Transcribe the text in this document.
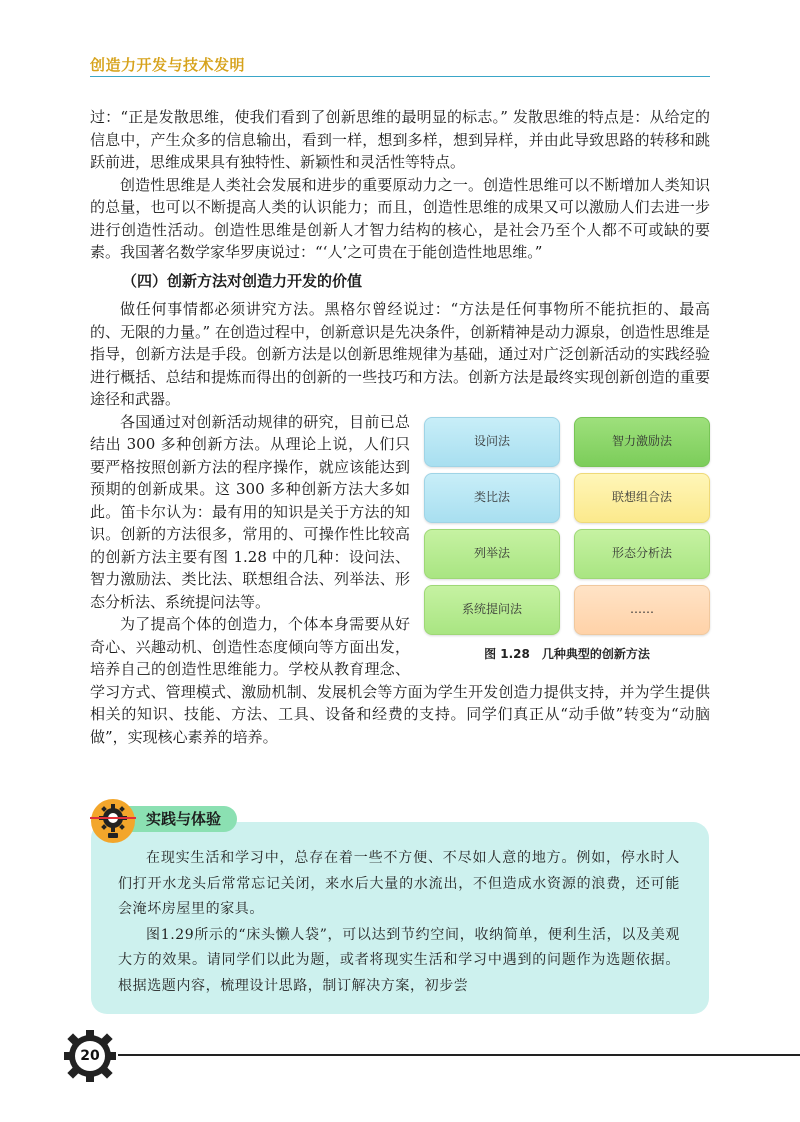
创造力开发与技术发明

过：“正是发散思维，使我们看到了创新思维的最明显的标志。” 发散思维的特点是：从给定的信息中，产生众多的信息输出，看到一样，想到多样，想到异样，并由此导致思路的转移和跳跃前进，思维成果具有独特性、新颖性和灵活性等特点。

创造性思维是人类社会发展和进步的重要原动力之一。创造性思维可以不断增加人类知识的总量，也可以不断提高人类的认识能力；而且，创造性思维的成果又可以激励人们去进一步进行创造性活动。创造性思维是创新人才智力结构的核心，是社会乃至个人都不可或缺的要素。我国著名数学家华罗庚说过：“‘人’之可贵在于能创造性地思维。”

（四）创新方法对创造力开发的价值

做任何事情都必须讲究方法。黑格尔曾经说过：“方法是任何事物所不能抗拒的、最高的、无限的力量。” 在创造过程中，创新意识是先决条件，创新精神是动力源泉，创造性思维是指导，创新方法是手段。创新方法是以创新思维规律为基础，通过对广泛创新活动的实践经验进行概括、总结和提炼而得出的创新的一些技巧和方法。创新方法是最终实现创新创造的重要途径和武器。

设问法	智力激励法
类比法	联想组合法
列举法	形态分析法
系统提问法	……
图 1.28　几种典型的创新方法

各国通过对创新活动规律的研究，目前已总结出 300 多种创新方法。从理论上说，人们只要严格按照创新方法的程序操作，就应该能达到预期的创新成果。这 300 多种创新方法大多如此。笛卡尔认为：最有用的知识是关于方法的知识。创新的方法很多，常用的、可操作性比较高的创新方法主要有图 1.28 中的几种：设问法、智力激励法、类比法、联想组合法、列举法、形态分析法、系统提问法等。

为了提高个体的创造力，个体本身需要从好奇心、兴趣动机、创造性态度倾向等方面出发，培养自己的创造性思维能力。学校从教育理念、学习方式、管理模式、激励机制、发展机会等方面为学生开发创造力提供支持，并为学生提供相关的知识、技能、方法、工具、设备和经费的支持。同学们真正从“动手做”转变为“动脑做”，实现核心素养的培养。

实践与体验

在现实生活和学习中，总存在着一些不方便、不尽如人意的地方。例如，停水时人们打开水龙头后常常忘记关闭，来水后大量的水流出，不但造成水资源的浪费，还可能会淹坏房屋里的家具。

图1.29所示的“床头懒人袋”，可以达到节约空间，收纳简单，便利生活，以及美观大方的效果。请同学们以此为题，或者将现实生活和学习中遇到的问题作为选题依据。根据选题内容，梳理设计思路，制订解决方案，初步尝

20
